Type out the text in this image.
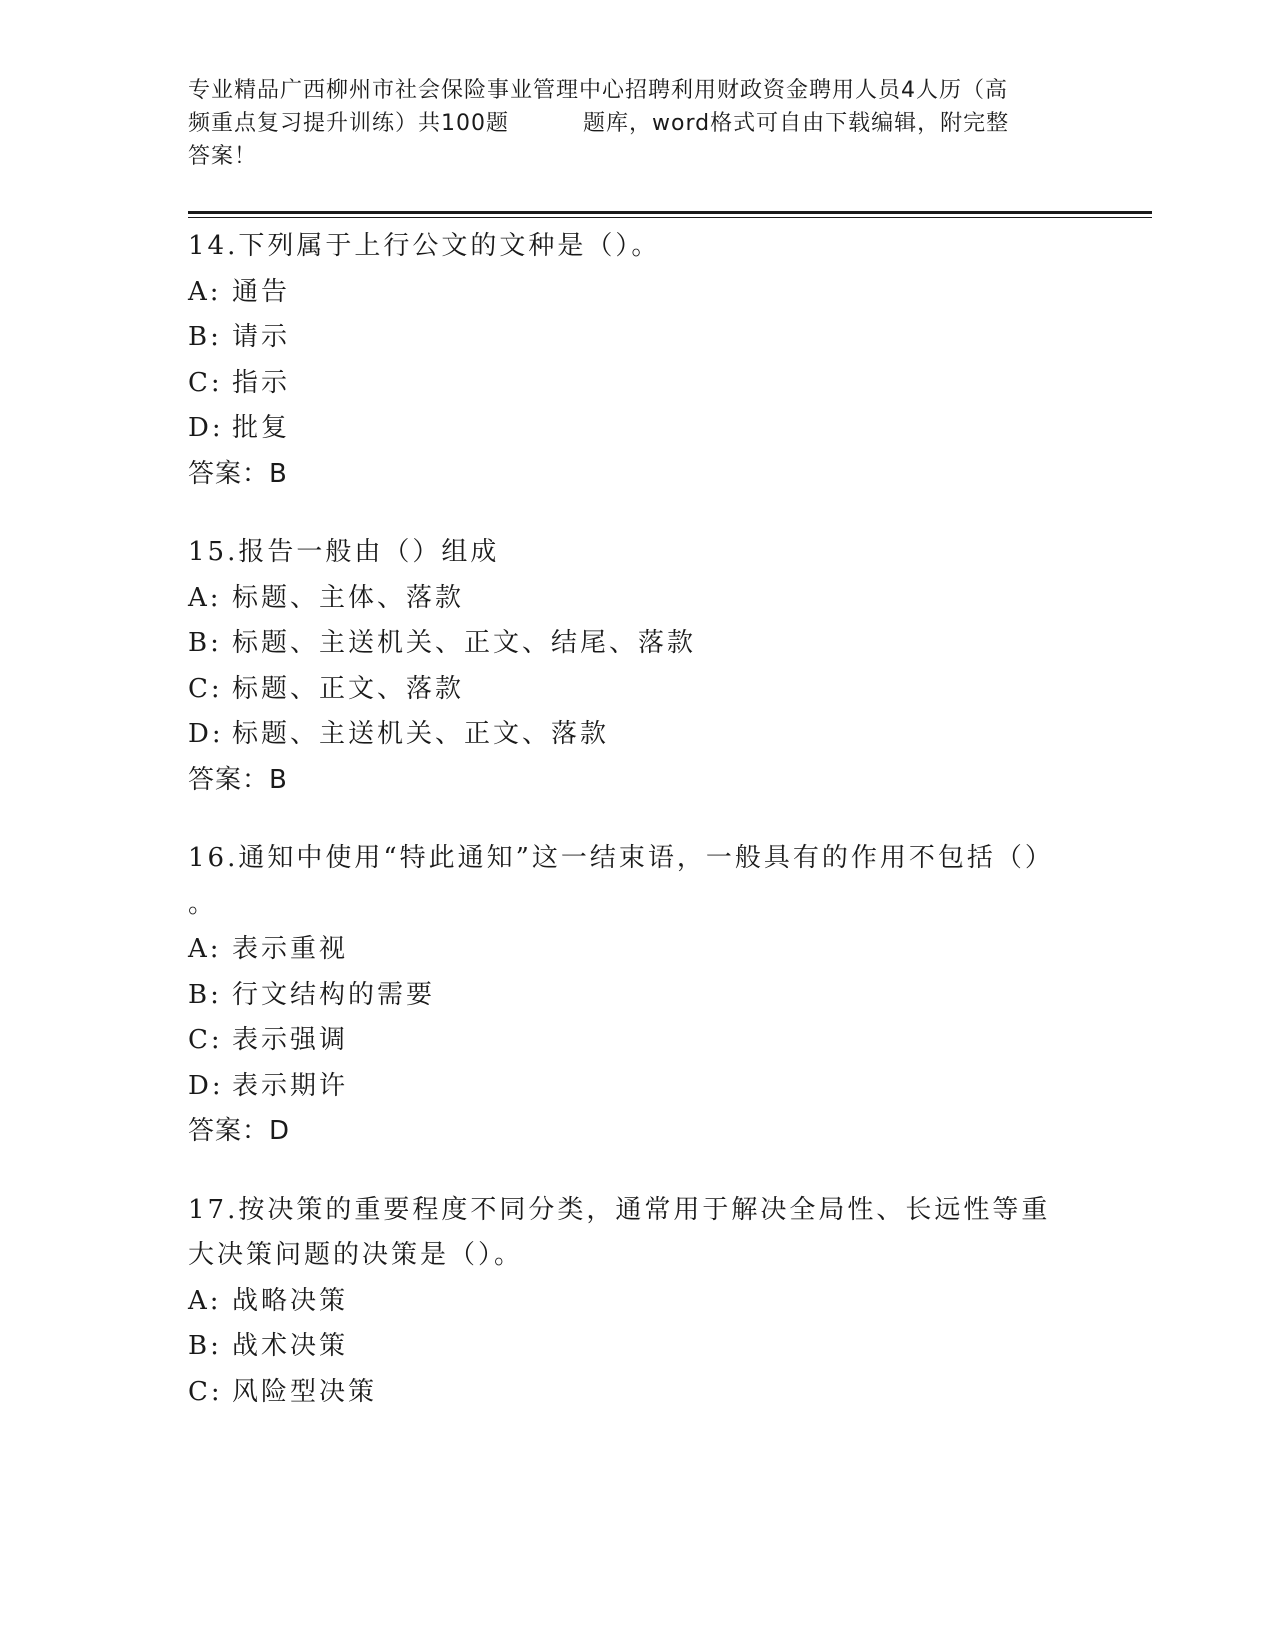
专业精品广西柳州市社会保险事业管理中心招聘利用财政资金聘用人员4人历（高
频重点复习提升训练）共100题	题库，word格式可自由下载编辑，附完整
答案！
14.下列属于上行公文的文种是（）。
A: 通告
B: 请示
C: 指示
D: 批复
答案：B
15.报告一般由（）组成
A: 标题、主体、落款
B: 标题、主送机关、正文、结尾、落款
C: 标题、正文、落款
D: 标题、主送机关、正文、落款
答案：B
16.通知中使用“特此通知”这一结束语，一般具有的作用不包括（）
。
A: 表示重视
B: 行文结构的需要
C: 表示强调
D: 表示期许
答案：D
17.按决策的重要程度不同分类，通常用于解决全局性、长远性等重大决策问题的决策是（）。
A: 战略决策
B: 战术决策
C: 风险型决策
